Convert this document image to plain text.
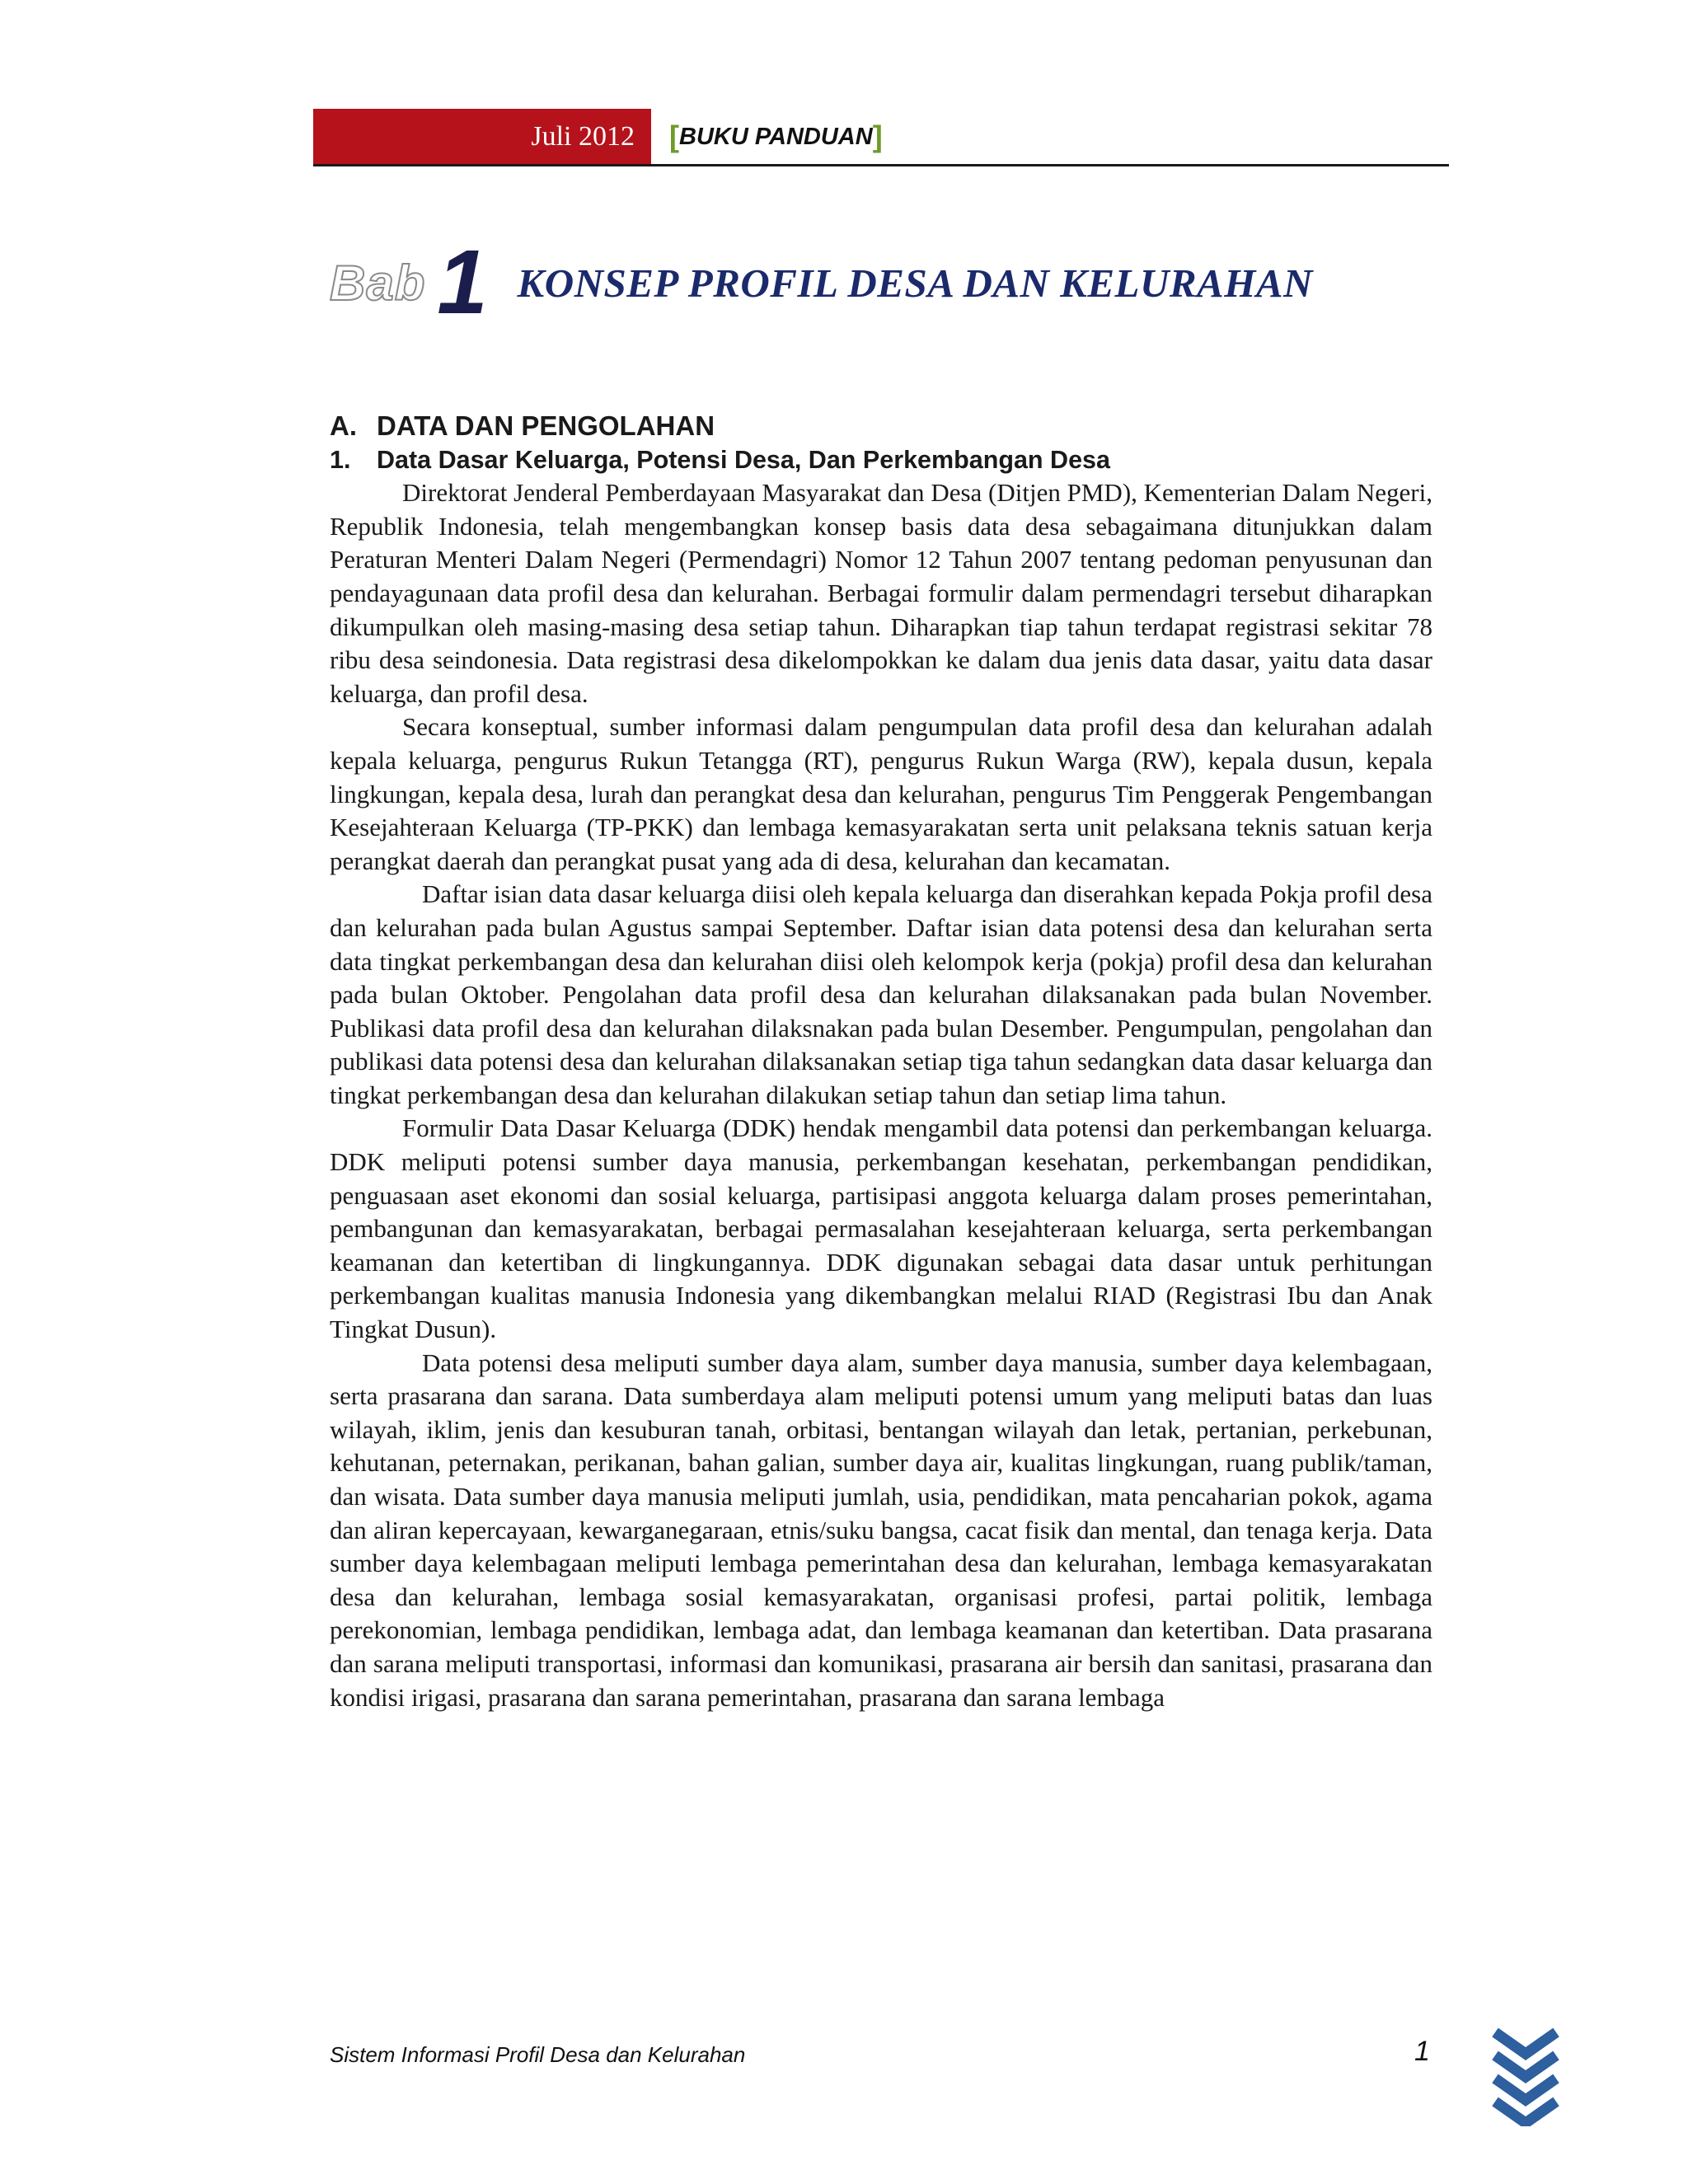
Juli 2012	[ BUKU PANDUAN ]
Bab 1 KONSEP PROFIL DESA DAN KELURAHAN
A. DATA DAN PENGOLAHAN
1.	Data Dasar Keluarga, Potensi Desa, Dan Perkembangan Desa

Direktorat Jenderal Pemberdayaan Masyarakat dan Desa (Ditjen PMD), Kementerian Dalam Negeri, Republik Indonesia, telah mengembangkan konsep basis data desa sebagaimana ditunjukkan dalam Peraturan Menteri Dalam Negeri (Permendagri) Nomor 12 Tahun 2007 tentang pedoman penyusunan dan pendayagunaan data profil desa dan kelurahan. Berbagai formulir dalam permendagri tersebut diharapkan dikumpulkan oleh masing-masing desa setiap tahun. Diharapkan tiap tahun terdapat registrasi sekitar 78 ribu desa seindonesia. Data registrasi desa dikelompokkan ke dalam dua jenis data dasar, yaitu data dasar keluarga, dan profil desa.

Secara konseptual, sumber informasi dalam pengumpulan data profil desa dan kelurahan adalah kepala keluarga, pengurus Rukun Tetangga (RT), pengurus Rukun Warga (RW), kepala dusun, kepala lingkungan, kepala desa, lurah dan perangkat desa dan kelurahan, pengurus Tim Penggerak Pengembangan Kesejahteraan Keluarga (TP-PKK) dan lembaga kemasyarakatan serta unit pelaksana teknis satuan kerja perangkat daerah dan perangkat pusat yang ada di desa, kelurahan dan kecamatan.

Daftar isian data dasar keluarga diisi oleh kepala keluarga dan diserahkan kepada Pokja profil desa dan kelurahan pada bulan Agustus sampai September. Daftar isian data potensi desa dan kelurahan serta data tingkat perkembangan desa dan kelurahan diisi oleh kelompok kerja (pokja) profil desa dan kelurahan pada bulan Oktober. Pengolahan data profil desa dan kelurahan dilaksanakan pada bulan November. Publikasi data profil desa dan kelurahan dilaksnakan pada bulan Desember. Pengumpulan, pengolahan dan publikasi data potensi desa dan kelurahan dilaksanakan setiap tiga tahun sedangkan data dasar keluarga dan tingkat perkembangan desa dan kelurahan dilakukan setiap tahun dan setiap lima tahun.

Formulir Data Dasar Keluarga (DDK) hendak mengambil data potensi dan perkembangan keluarga. DDK meliputi potensi sumber daya manusia, perkembangan kesehatan, perkembangan pendidikan, penguasaan aset ekonomi dan sosial keluarga, partisipasi anggota keluarga dalam proses pemerintahan, pembangunan dan kemasyarakatan, berbagai permasalahan kesejahteraan keluarga, serta perkembangan keamanan dan ketertiban di lingkungannya. DDK digunakan sebagai data dasar untuk perhitungan perkembangan kualitas manusia Indonesia yang dikembangkan melalui RIAD (Registrasi Ibu dan Anak Tingkat Dusun).

Data potensi desa meliputi sumber daya alam, sumber daya manusia, sumber daya kelembagaan, serta prasarana dan sarana. Data sumberdaya alam meliputi potensi umum yang meliputi batas dan luas wilayah, iklim, jenis dan kesuburan tanah, orbitasi, bentangan wilayah dan letak, pertanian, perkebunan, kehutanan, peternakan, perikanan, bahan galian, sumber daya air, kualitas lingkungan, ruang publik/taman, dan wisata. Data sumber daya manusia meliputi jumlah, usia, pendidikan, mata pencaharian pokok, agama dan aliran kepercayaan, kewarganegaraan, etnis/suku bangsa, cacat fisik dan mental, dan tenaga kerja. Data sumber daya kelembagaan meliputi lembaga pemerintahan desa dan kelurahan, lembaga kemasyarakatan desa dan kelurahan, lembaga sosial kemasyarakatan, organisasi profesi, partai politik, lembaga perekonomian, lembaga pendidikan, lembaga adat, dan lembaga keamanan dan ketertiban. Data prasarana dan sarana meliputi transportasi, informasi dan komunikasi, prasarana air bersih dan sanitasi, prasarana dan kondisi irigasi, prasarana dan sarana pemerintahan, prasarana dan sarana lembaga

Sistem Informasi Profil Desa dan Kelurahan	1
